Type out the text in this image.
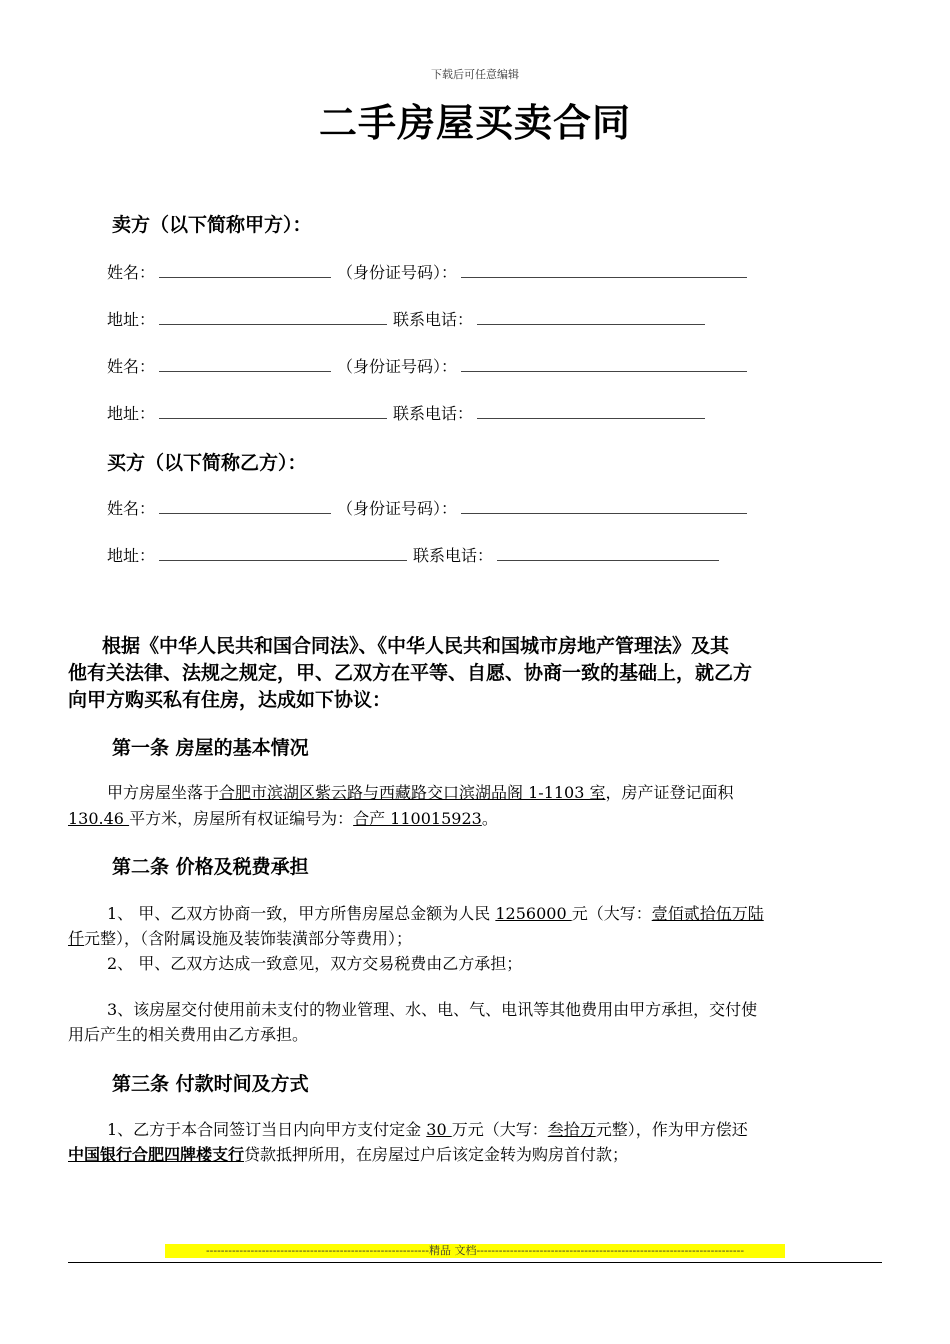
下载后可任意编辑
二手房屋买卖合同
卖方（以下简称甲方）：
姓名：	（身份证号码）：
地址：	联系电话：
姓名：	（身份证号码）：
地址：	联系电话：
买方（以下简称乙方）：
姓名：	（身份证号码）：
地址：	联系电话：
根据《中华人民共和国合同法》、《中华人民共和国城市房地产管理法》及其
他有关法律、法规之规定，甲、乙双方在平等、自愿、协商一致的基础上，就乙方
向甲方购买私有住房，达成如下协议：
第一条 房屋的基本情况
甲方房屋坐落于合肥市滨湖区紫云路与西藏路交口滨湖品阁 1-1103 室，房产证登记面积
130.46 平方米，房屋所有权证编号为：合产 110015923。
第二条 价格及税费承担
1、 甲、乙双方协商一致，甲方所售房屋总金额为人民 1256000 元（大写：壹佰贰拾伍万陆
仟元整），（含附属设施及装饰装潢部分等费用）；
2、 甲、乙双方达成一致意见，双方交易税费由乙方承担；
3、该房屋交付使用前未支付的物业管理、水、电、气、电讯等其他费用由甲方承担，交付使
用后产生的相关费用由乙方承担。
第三条 付款时间及方式
1、乙方于本合同签订当日内向甲方支付定金 30 万元（大写：叁拾万元整），作为甲方偿还
中国银行合肥四牌楼支行贷款抵押所用，在房屋过户后该定金转为购房首付款；
------------------------------------------------------------精品 文档------------------------------------------------------------------------
